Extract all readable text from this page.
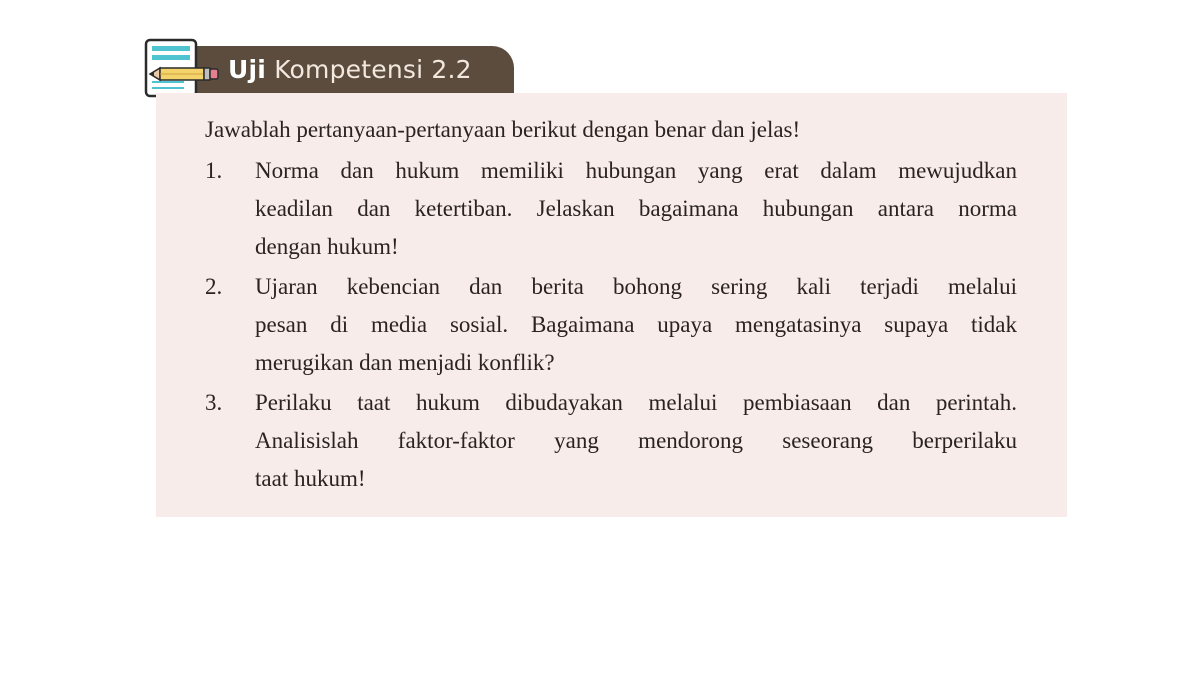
Uji Kompetensi 2.2
Jawablah pertanyaan-pertanyaan berikut dengan benar dan jelas!
1.	Norma dan hukum memiliki hubungan yang erat dalam mewujudkan
keadilan dan ketertiban. Jelaskan bagaimana hubungan antara norma
dengan hukum!
2.	Ujaran kebencian dan berita bohong sering kali terjadi melalui
pesan di media sosial. Bagaimana upaya mengatasinya supaya tidak
merugikan dan menjadi konflik?
3.	Perilaku taat hukum dibudayakan melalui pembiasaan dan perintah.
Analisislah faktor-faktor yang mendorong seseorang berperilaku
taat hukum!
